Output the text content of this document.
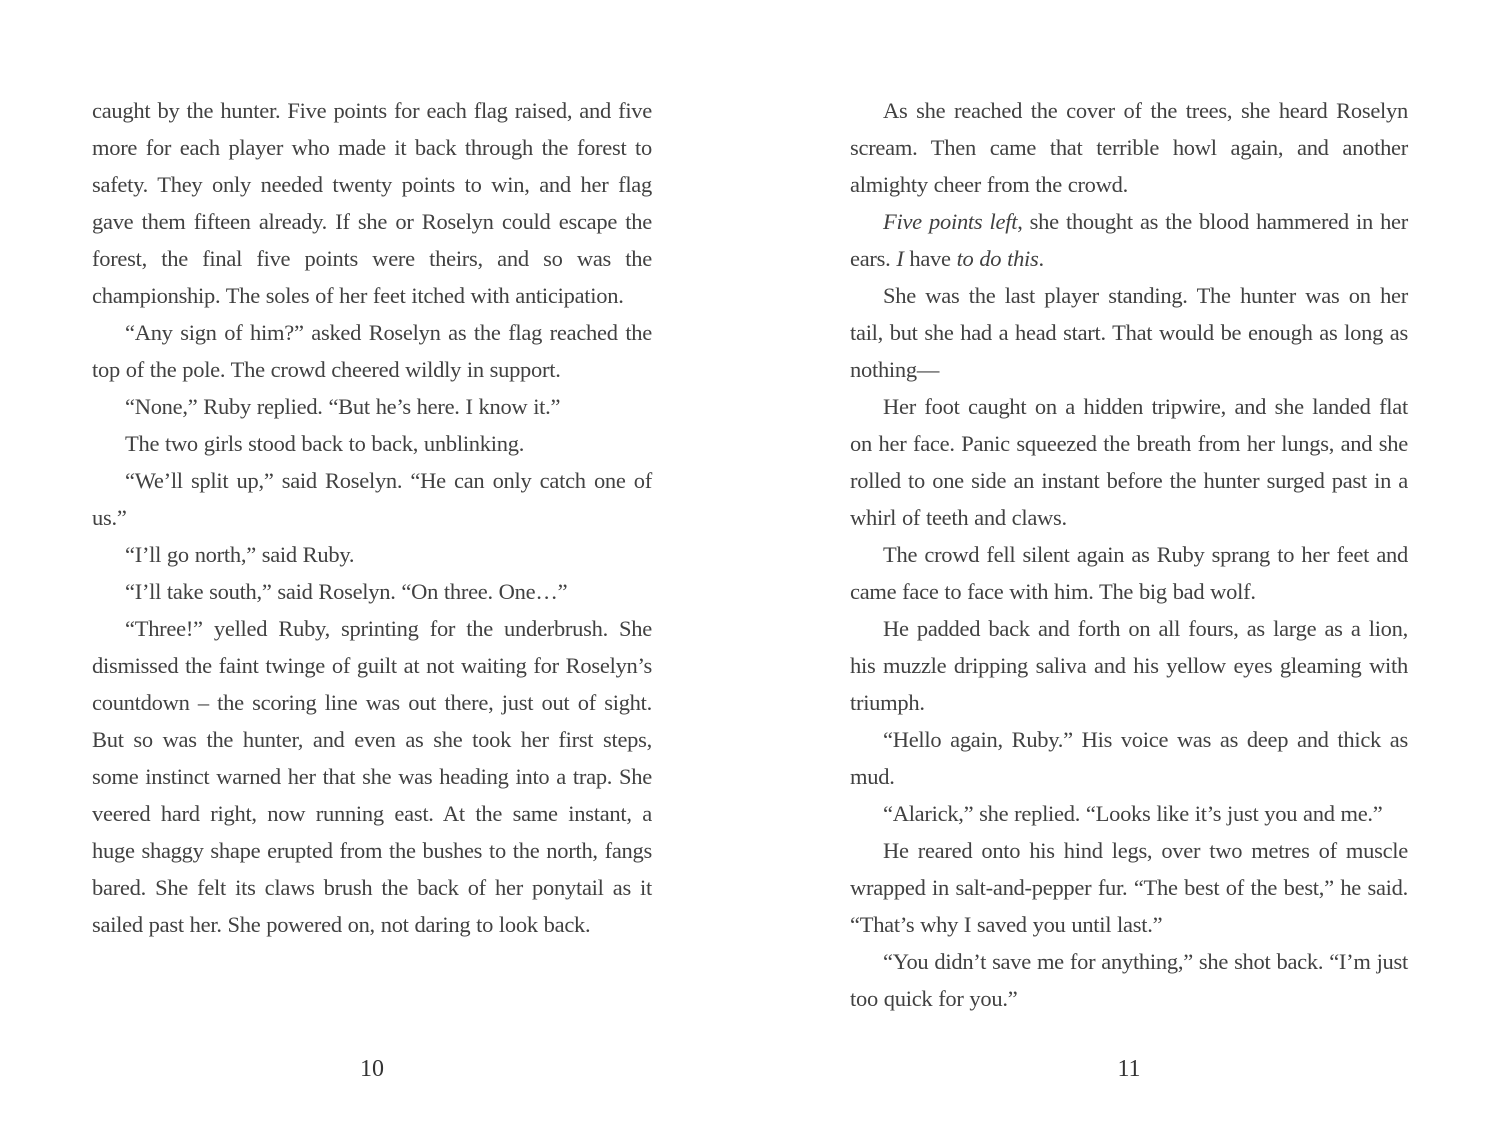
caught by the hunter. Five points for each flag raised, and five more for each player who made it back through the forest to safety. They only needed twenty points to win, and her flag gave them fifteen already. If she or Roselyn could escape the forest, the final five points were theirs, and so was the championship. The soles of her feet itched with anticipation.

“Any sign of him?” asked Roselyn as the flag reached the top of the pole. The crowd cheered wildly in support.

“None,” Ruby replied. “But he’s here. I know it.”

The two girls stood back to back, unblinking.

“We’ll split up,” said Roselyn. “He can only catch one of us.”

“I’ll go north,” said Ruby.

“I’ll take south,” said Roselyn. “On three. One…”

“Three!” yelled Ruby, sprinting for the underbrush. She dismissed the faint twinge of guilt at not waiting for Roselyn’s countdown – the scoring line was out there, just out of sight. But so was the hunter, and even as she took her first steps, some instinct warned her that she was heading into a trap. She veered hard right, now running east. At the same instant, a huge shaggy shape erupted from the bushes to the north, fangs bared. She felt its claws brush the back of her ponytail as it sailed past her. She powered on, not daring to look back.

10

As she reached the cover of the trees, she heard Roselyn scream. Then came that terrible howl again, and another almighty cheer from the crowd.

Five points left, she thought as the blood hammered in her ears. I have to do this.

She was the last player standing. The hunter was on her tail, but she had a head start. That would be enough as long as nothing—

Her foot caught on a hidden tripwire, and she landed flat on her face. Panic squeezed the breath from her lungs, and she rolled to one side an instant before the hunter surged past in a whirl of teeth and claws.

The crowd fell silent again as Ruby sprang to her feet and came face to face with him. The big bad wolf.

He padded back and forth on all fours, as large as a lion, his muzzle dripping saliva and his yellow eyes gleaming with triumph.

“Hello again, Ruby.” His voice was as deep and thick as mud.

“Alarick,” she replied. “Looks like it’s just you and me.”

He reared onto his hind legs, over two metres of muscle wrapped in salt-and-pepper fur. “The best of the best,” he said. “That’s why I saved you until last.”

“You didn’t save me for anything,” she shot back. “I’m just too quick for you.”

11
